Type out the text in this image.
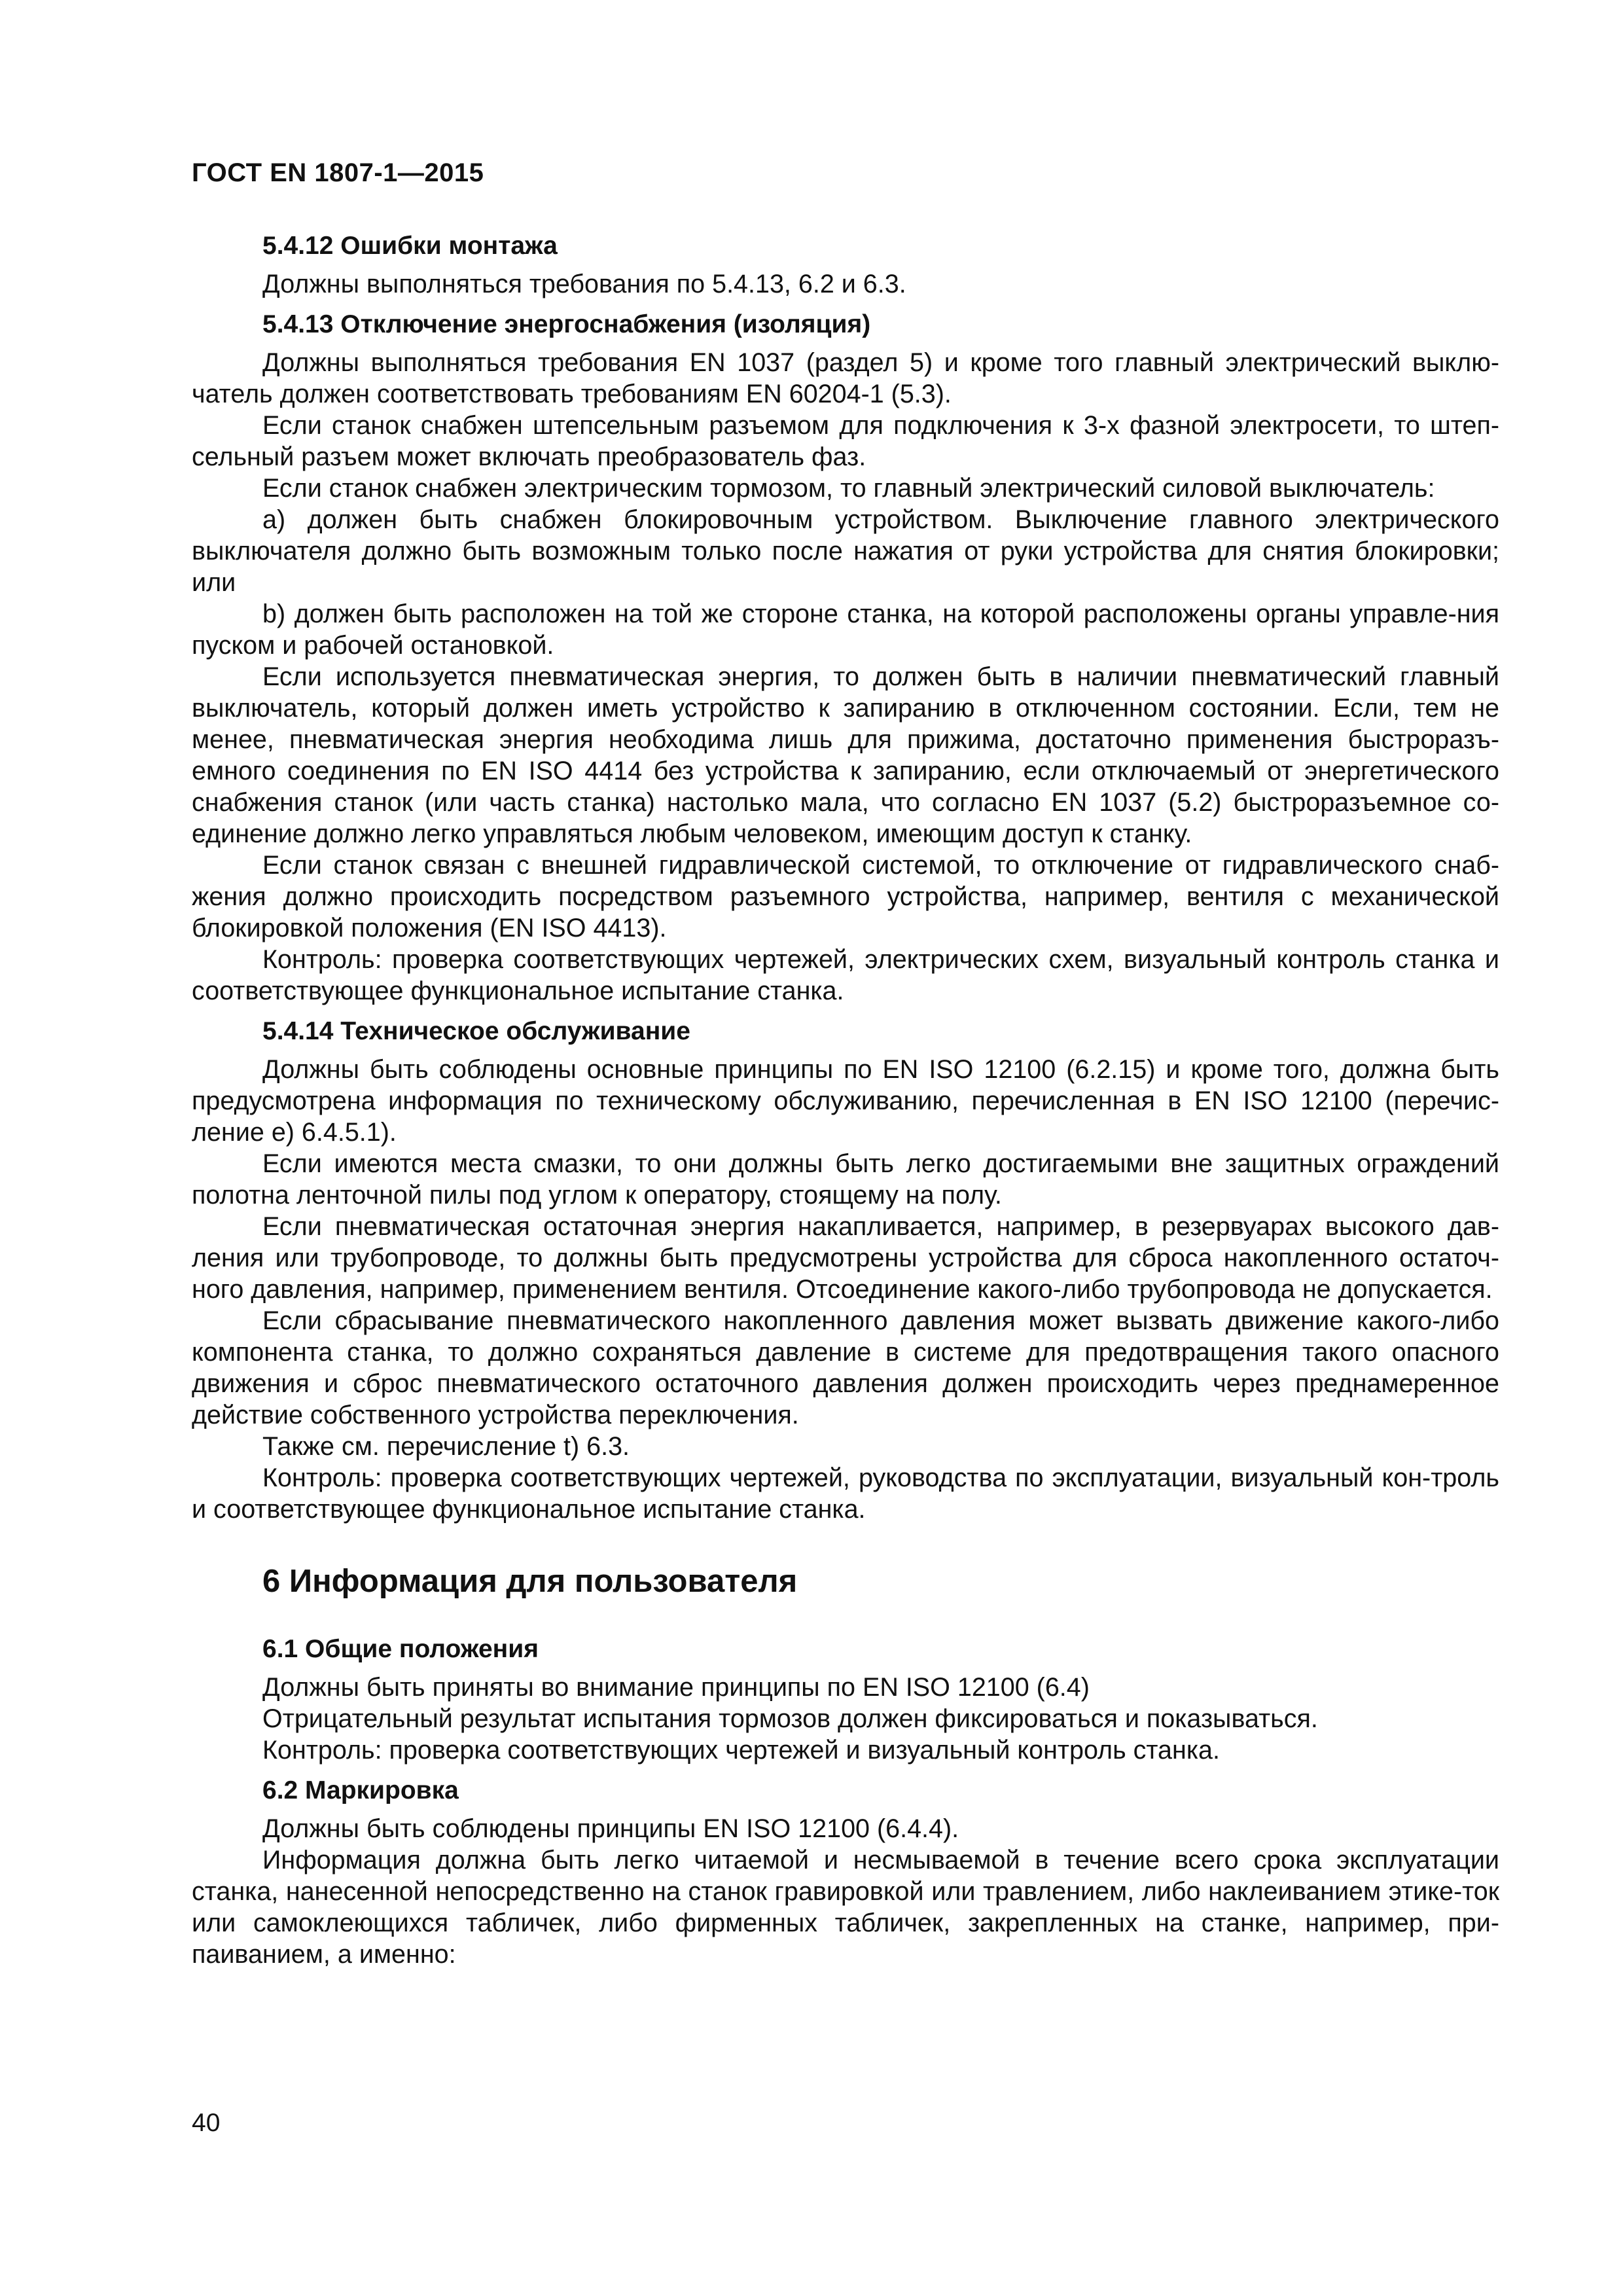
ГОСТ EN 1807-1—2015
5.4.12 Ошибки монтажа

Должны выполняться требования по 5.4.13, 6.2 и 6.3.

5.4.13 Отключение энергоснабжения (изоляция)

Должны выполняться требования EN 1037 (раздел 5) и кроме того главный электрический выклю-чатель должен соответствовать требованиям EN 60204-1 (5.3).

Если станок снабжен штепсельным разъемом для подключения к 3-х фазной электросети, то штеп-сельный разъем может включать преобразователь фаз.

Если станок снабжен электрическим тормозом, то главный электрический силовой выключатель:

а) должен быть снабжен блокировочным устройством. Выключение главного электрического выключателя должно быть возможным только после нажатия от руки устройства для снятия блокировки; или

b) должен быть расположен на той же стороне станка, на которой расположены органы управле-ния пуском и рабочей остановкой.

Если используется пневматическая энергия, то должен быть в наличии пневматический главный выключатель, который должен иметь устройство к запиранию в отключенном состоянии. Если, тем не менее, пневматическая энергия необходима лишь для прижима, достаточно применения быстроразъ-емного соединения по EN ISO 4414 без устройства к запиранию, если отключаемый от энергетического снабжения станок (или часть станка) настолько мала, что согласно EN 1037 (5.2) быстроразъемное со-единение должно легко управляться любым человеком, имеющим доступ к станку.

Если станок связан с внешней гидравлической системой, то отключение от гидравлического снаб-жения должно происходить посредством разъемного устройства, например, вентиля с механической блокировкой положения (EN ISO 4413).

Контроль: проверка соответствующих чертежей, электрических схем, визуальный контроль станка и соответствующее функциональное испытание станка.

5.4.14 Техническое обслуживание

Должны быть соблюдены основные принципы по EN ISO 12100 (6.2.15) и кроме того, должна быть предусмотрена информация по техническому обслуживанию, перечисленная в EN ISO 12100 (перечис-ление е) 6.4.5.1).

Если имеются места смазки, то они должны быть легко достигаемыми вне защитных ограждений полотна ленточной пилы под углом к оператору, стоящему на полу.

Если пневматическая остаточная энергия накапливается, например, в резервуарах высокого дав-ления или трубопроводе, то должны быть предусмотрены устройства для сброса накопленного остаточ-ного давления, например, применением вентиля. Отсоединение какого-либо трубопровода не допускается.

Если сбрасывание пневматического накопленного давления может вызвать движение какого-либо компонента станка, то должно сохраняться давление в системе для предотвращения такого опасного движения и сброс пневматического остаточного давления должен происходить через преднамеренное действие собственного устройства переключения.

Также см. перечисление t) 6.3.

Контроль: проверка соответствующих чертежей, руководства по эксплуатации, визуальный кон-троль и соответствующее функциональное испытание станка.

6 Информация для пользователя
6.1 Общие положения

Должны быть приняты во внимание принципы по EN ISO 12100 (6.4)

Отрицательный результат испытания тормозов должен фиксироваться и показываться.

Контроль: проверка соответствующих чертежей и визуальный контроль станка.

6.2 Маркировка

Должны быть соблюдены принципы EN ISO 12100 (6.4.4).

Информация должна быть легко читаемой и несмываемой в течение всего срока эксплуатации станка, нанесенной непосредственно на станок гравировкой или травлением, либо наклеиванием этике-ток или самоклеющихся табличек, либо фирменных табличек, закрепленных на станке, например, при-паиванием, а именно:

40
